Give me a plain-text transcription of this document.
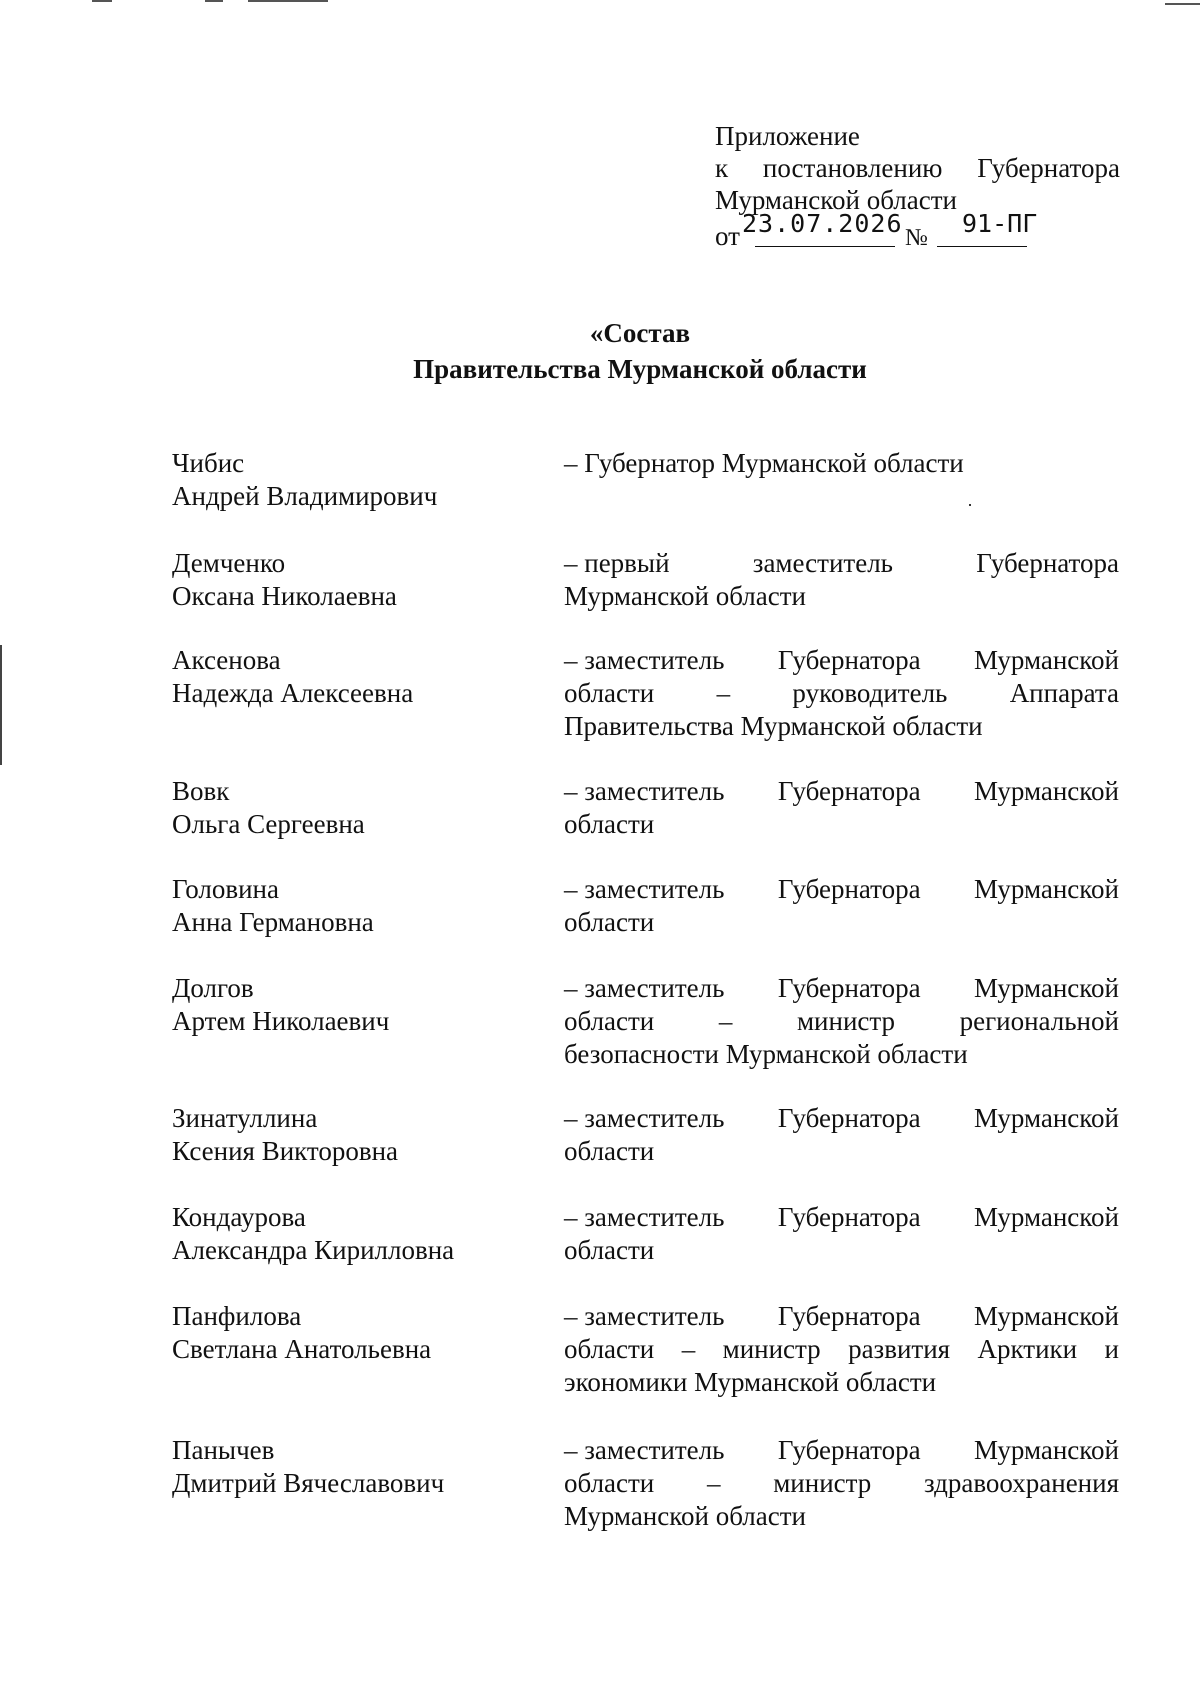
Приложение
к постановлению Губернатора
Мурманской области
от 23.07.2026 № 91-ПГ
«Состав
Правительства Мурманской области
Чибис
Андрей Владимирович
– Губернатор Мурманской области
Демченко
Оксана Николаевна
– первый	заместитель	Губернатора
Мурманской области
Аксенова
Надежда Алексеевна
– заместитель Губернатора Мурманской
области – руководитель Аппарата
Правительства Мурманской области
Вовк
Ольга Сергеевна
– заместитель Губернатора Мурманской
области
Головина
Анна Германовна
– заместитель Губернатора Мурманской
области
Долгов
Артем Николаевич
– заместитель Губернатора Мурманской
области – министр региональной
безопасности Мурманской области
Зинатуллина
Ксения Викторовна
– заместитель Губернатора Мурманской
области
Кондаурова
Александра Кирилловна
– заместитель Губернатора Мурманской
области
Панфилова
Светлана Анатольевна
– заместитель Губернатора Мурманской
области – министр развития Арктики и
экономики Мурманской области
Панычев
Дмитрий Вячеславович
– заместитель Губернатора Мурманской
области – министр здравоохранения
Мурманской области
